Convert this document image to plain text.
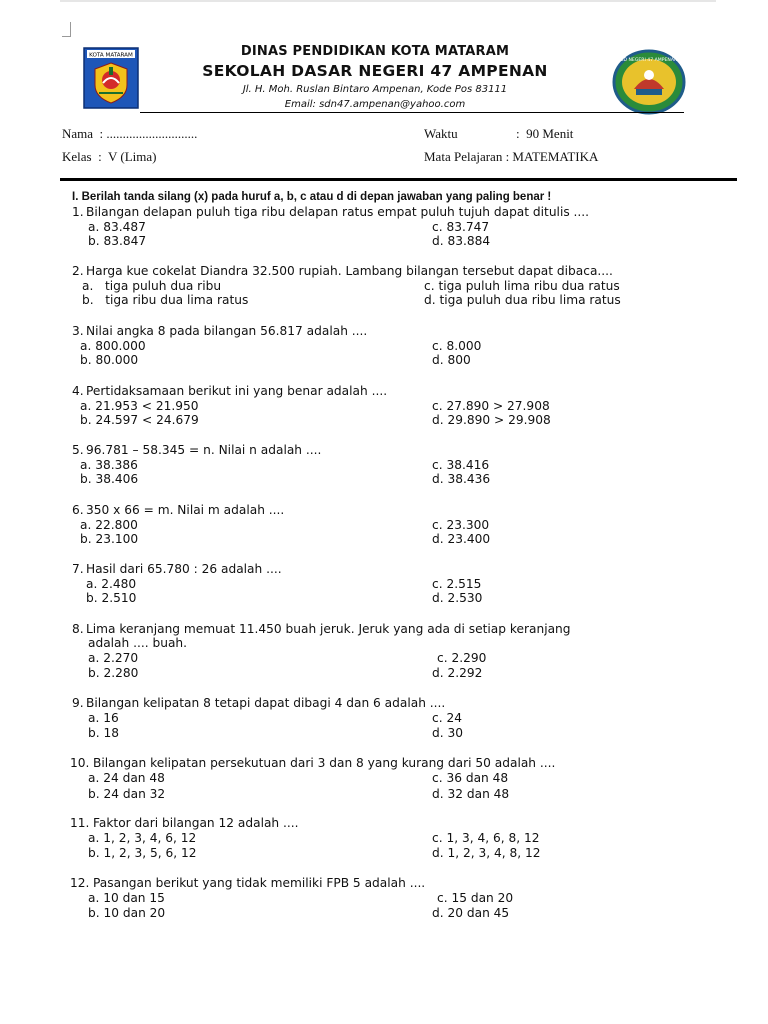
KOTA MATARAM
SD NEGERI 47 AMPENAN
DINAS PENDIDIKAN KOTA MATARAM
SEKOLAH DASAR NEGERI 47 AMPENAN
Jl. H. Moh. Ruslan Bintaro Ampenan, Kode Pos 83111
Email: sdn47.ampenan@yahoo.com
Nama  : ............................
Kelas  :  V (Lima)
Waktu	:  90 Menit
Mata Pelajaran : MATEMATIKA
I. Berilah tanda silang (x) pada huruf a, b, c atau d di depan jawaban yang paling benar !
1. Bilangan delapan puluh tiga ribu delapan ratus empat puluh tujuh dapat ditulis ....
a. 83.487	c. 83.747
b. 83.847	d. 83.884
2. Harga kue cokelat Diandra 32.500 rupiah. Lambang bilangan tersebut dapat dibaca....
a.   tiga puluh dua ribu	c. tiga puluh lima ribu dua ratus
b.   tiga ribu dua lima ratus	d. tiga puluh dua ribu lima ratus
3. Nilai angka 8 pada bilangan 56.817 adalah ....
a. 800.000	c. 8.000
b. 80.000	d. 800
4. Pertidaksamaan berikut ini yang benar adalah ....
a. 21.953 < 21.950	c. 27.890 > 27.908
b. 24.597 < 24.679	d. 29.890 > 29.908
5. 96.781 – 58.345 = n. Nilai n adalah ....
a. 38.386	c. 38.416
b. 38.406	d. 38.436
6. 350 x 66 = m. Nilai m adalah ....
a. 22.800	c. 23.300
b. 23.100	d. 23.400
7. Hasil dari 65.780 : 26 adalah ....
a. 2.480	c. 2.515
b. 2.510	d. 2.530
8. Lima keranjang memuat 11.450 buah jeruk. Jeruk yang ada di setiap keranjang
adalah .... buah.
a. 2.270	c. 2.290
b. 2.280	d. 2.292
9. Bilangan kelipatan 8 tetapi dapat dibagi 4 dan 6 adalah ....
a. 16	c. 24
b. 18	d. 30
10. Bilangan kelipatan persekutuan dari 3 dan 8 yang kurang dari 50 adalah ....
a. 24 dan 48	c. 36 dan 48
b. 24 dan 32	d. 32 dan 48
11. Faktor dari bilangan 12 adalah ....
a. 1, 2, 3, 4, 6, 12	c. 1, 3, 4, 6, 8, 12
b. 1, 2, 3, 5, 6, 12	d. 1, 2, 3, 4, 8, 12
12. Pasangan berikut yang tidak memiliki FPB 5 adalah ....
a. 10 dan 15	c. 15 dan 20
b. 10 dan 20	d. 20 dan 45
